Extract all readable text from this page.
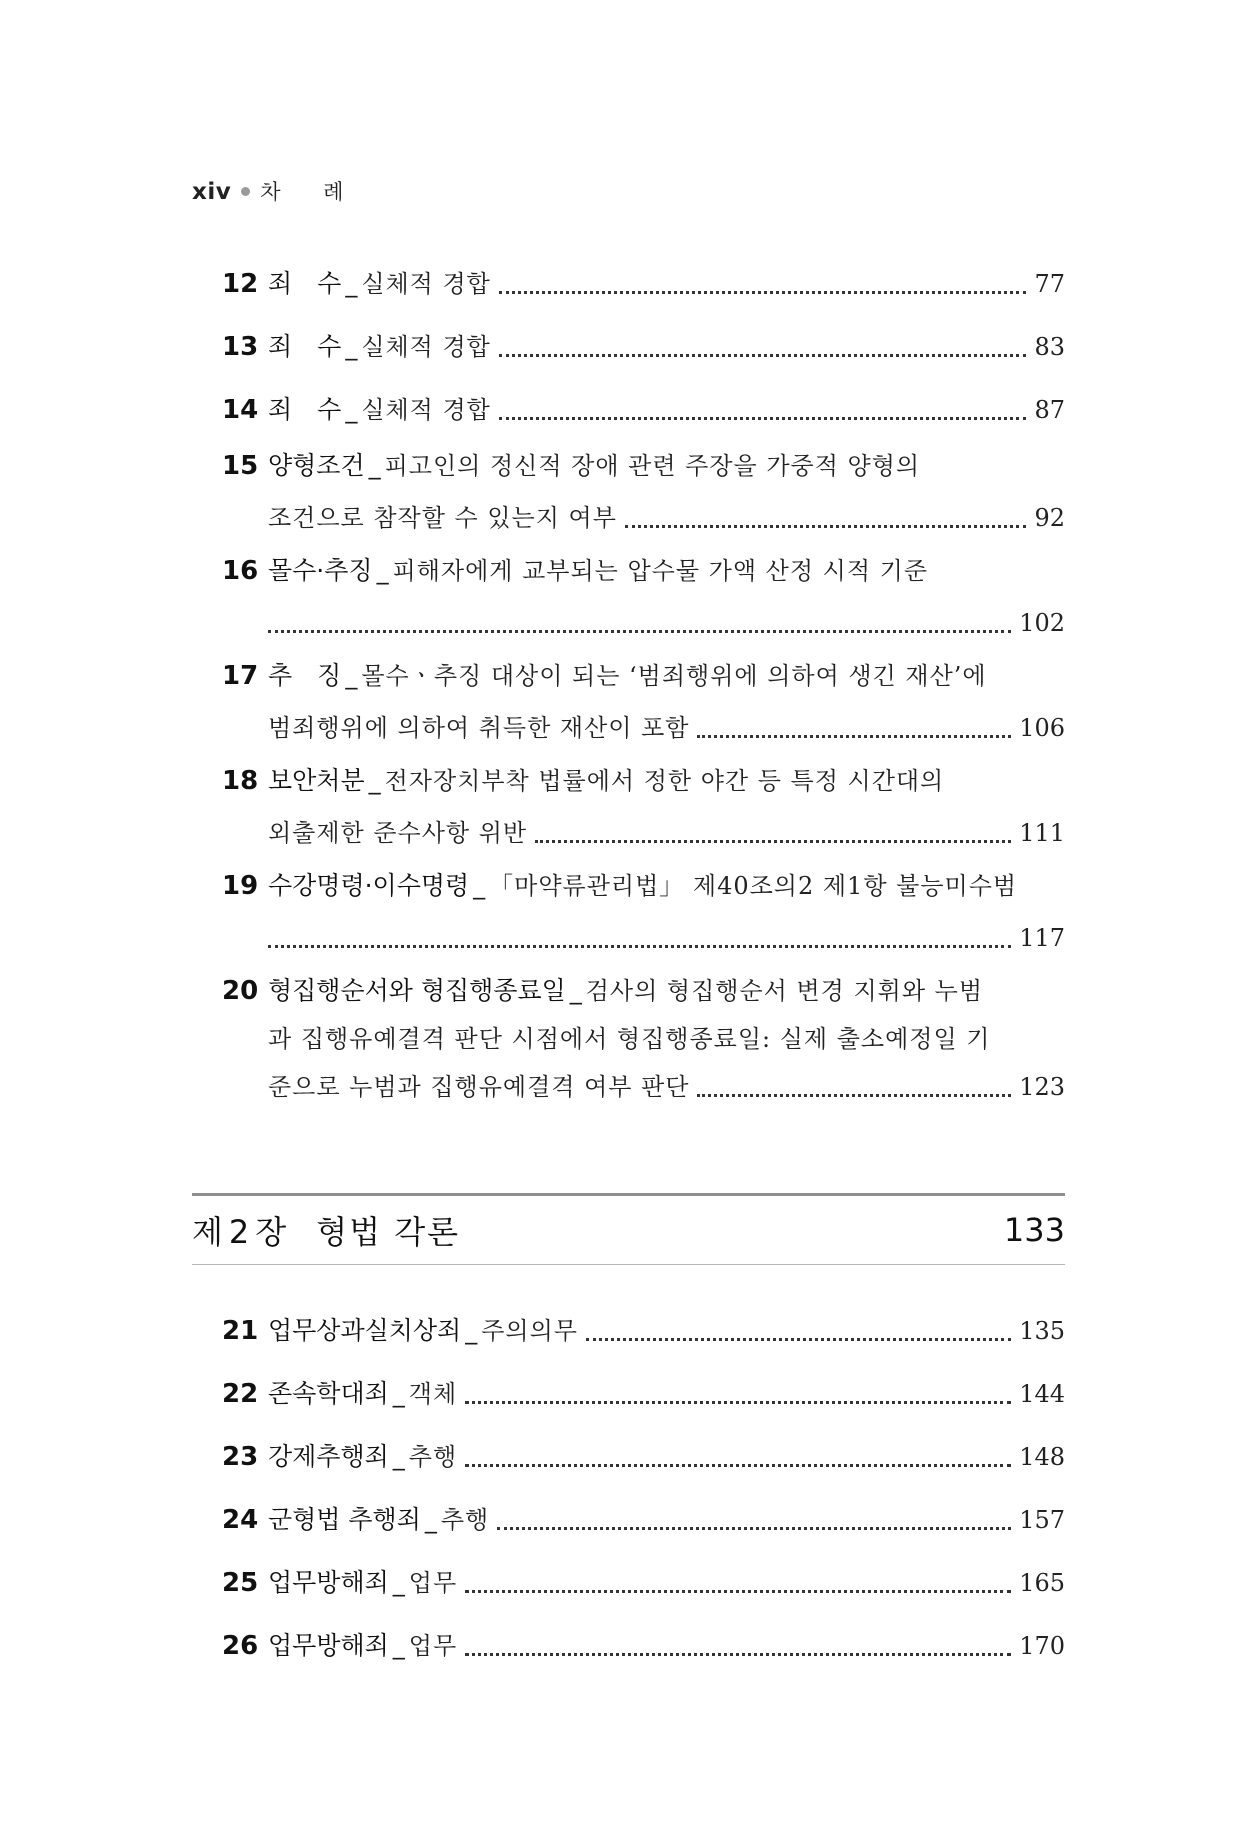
xiv 차 례
12 죄　수 _ 실체적 경합	77
13 죄　수 _ 실체적 경합	83
14 죄　수 _ 실체적 경합	87
15 양형조건 _ 피고인의 정신적 장애 관련 주장을 가중적 양형의
조건으로 참작할 수 있는지 여부	92
16 몰수·추징 _ 피해자에게 교부되는 압수물 가액 산정 시적 기준
102
17 추　징 _ 몰수ㆍ추징 대상이 되는 ‘범죄행위에 의하여 생긴 재산’에
범죄행위에 의하여 취득한 재산이 포함	106
18 보안처분 _ 전자장치부착 법률에서 정한 야간 등 특정 시간대의
외출제한 준수사항 위반	111
19 수강명령·이수명령 _ 「마약류관리법」 제40조의2 제1항 불능미수범
117
20 형집행순서와 형집행종료일 _ 검사의 형집행순서 변경 지휘와 누범
과 집행유예결격 판단 시점에서 형집행종료일: 실제 출소예정일 기
준으로 누범과 집행유예결격 여부 판단	123
제 2 장 형법 각론	133
21 업무상과실치상죄 _ 주의의무	135
22 존속학대죄 _ 객체	144
23 강제추행죄 _ 추행	148
24 군형법 추행죄 _ 추행	157
25 업무방해죄 _ 업무	165
26 업무방해죄 _ 업무	170
